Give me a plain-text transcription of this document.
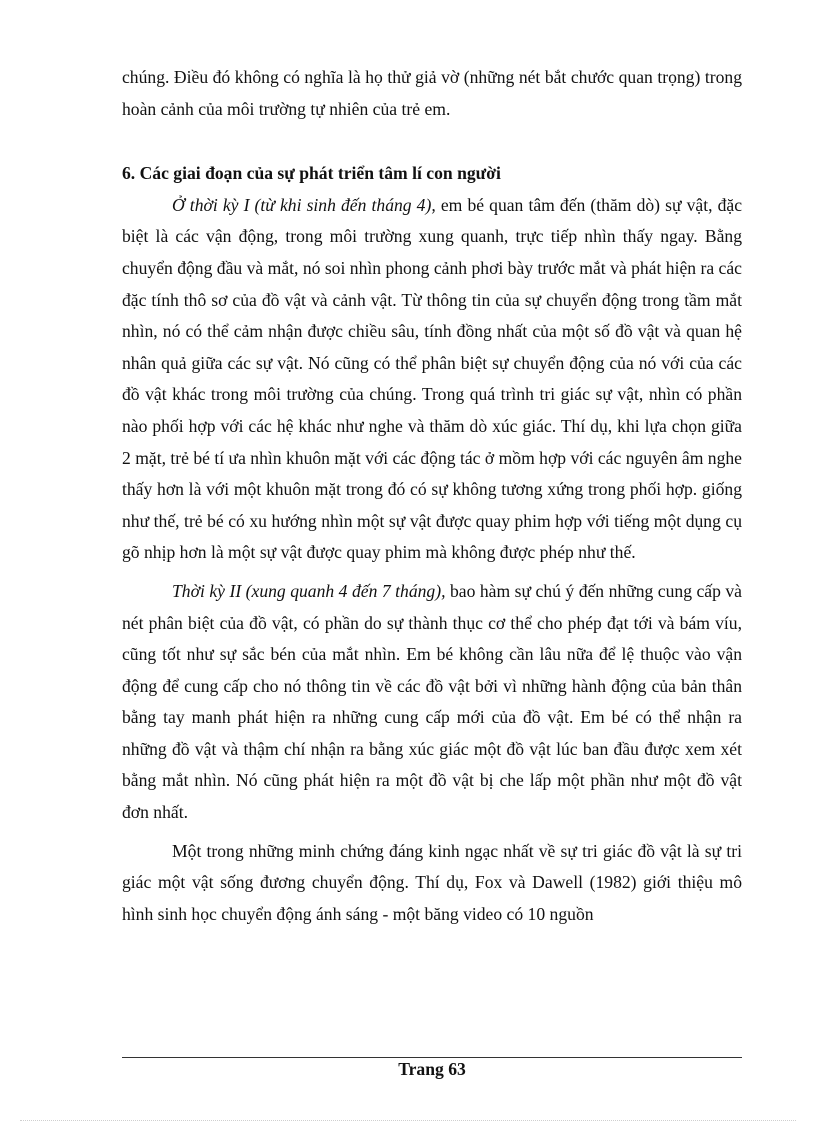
chúng. Điều đó không có nghĩa là họ thử giả vờ (những nét bắt chước quan trọng) trong hoàn cảnh của môi trường tự nhiên của trẻ em.

6. Các giai đoạn của sự phát triển tâm lí con người

Ở thời kỳ I (từ khi sinh đến tháng 4), em bé quan tâm đến (thăm dò) sự vật, đặc biệt là các vận động, trong môi trường xung quanh, trực tiếp nhìn thấy ngay. Bằng chuyển động đầu và mắt, nó soi nhìn phong cảnh phơi bày trước mắt và phát hiện ra các đặc tính thô sơ của đồ vật và cảnh vật. Từ thông tin của sự chuyển động trong tầm mắt nhìn, nó có thể cảm nhận được chiều sâu, tính đồng nhất của một số đồ vật và quan hệ nhân quả giữa các sự vật. Nó cũng có thể phân biệt sự chuyển động của nó với của các đồ vật khác trong môi trường của chúng. Trong quá trình tri giác sự vật, nhìn có phần nào phối hợp với các hệ khác như nghe và thăm dò xúc giác. Thí dụ, khi lựa chọn giữa 2 mặt, trẻ bé tí ưa nhìn khuôn mặt với các động tác ở mồm hợp với các nguyên âm nghe thấy hơn là với một khuôn mặt trong đó có sự không tương xứng trong phối hợp. giống như thế, trẻ bé có xu hướng nhìn một sự vật được quay phim hợp với tiếng một dụng cụ gõ nhịp hơn là một sự vật được quay phim mà không được phép như thế.

Thời kỳ II (xung quanh 4 đến 7 tháng), bao hàm sự chú ý đến những cung cấp và nét phân biệt của đồ vật, có phần do sự thành thục cơ thể cho phép đạt tới và bám víu, cũng tốt như sự sắc bén của mắt nhìn. Em bé không cần lâu nữa để lệ thuộc vào vận động để cung cấp cho nó thông tin về các đồ vật bởi vì những hành động của bản thân bằng tay manh phát hiện ra những cung cấp mới của đồ vật. Em bé có thể nhận ra những đồ vật và thậm chí nhận ra bằng xúc giác một đồ vật lúc ban đầu được xem xét bằng mắt nhìn. Nó cũng phát hiện ra một đồ vật bị che lấp một phần như một đồ vật đơn nhất.

Một trong những minh chứng đáng kinh ngạc nhất về sự tri giác đồ vật là sự tri giác một vật sống đương chuyển động. Thí dụ, Fox và Dawell (1982) giới thiệu mô hình sinh học chuyển động ánh sáng - một băng video có 10 nguồn

Trang 63
